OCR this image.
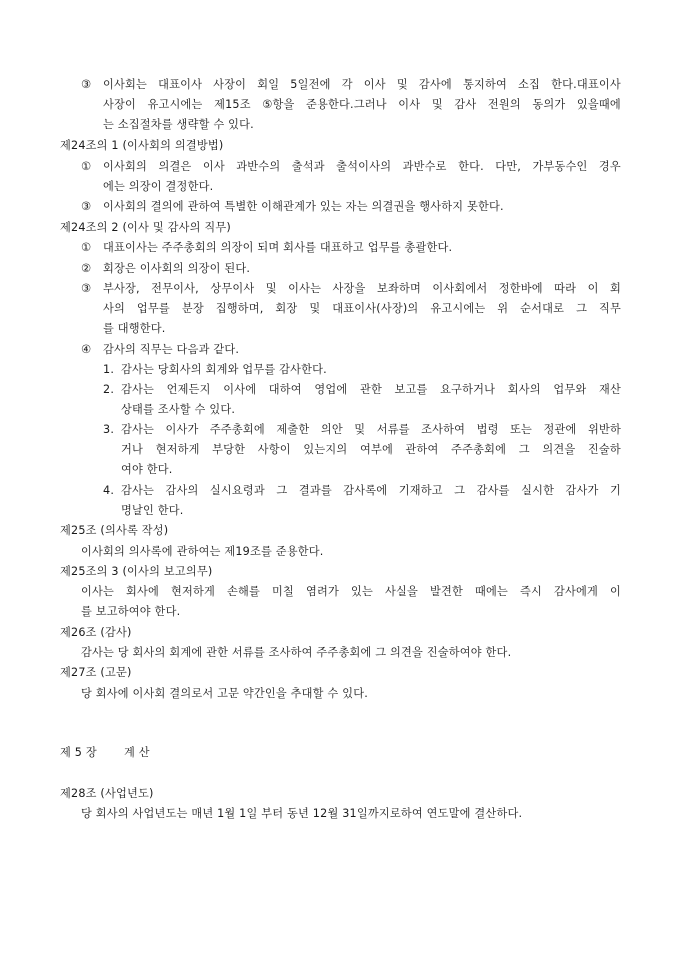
③ 이사회는 대표이사 사장이 회일 5일전에 각 이사 및 감사에 통지하여 소집 한다.대표이사
사장이 유고시에는 제15조 ⑤항을 준용한다.그러나 이사 및 감사 전원의 동의가 있을때에
는 소집절차를 생략할 수 있다.
제24조의 1 (이사회의 의결방법)
① 이사회의 의결은 이사 과반수의 출석과 출석이사의 과반수로 한다. 다만, 가부동수인 경우
에는 의장이 결정한다.
③ 이사회의 결의에 관하여 특별한 이해관계가 있는 자는 의결권을 행사하지 못한다.
제24조의 2 (이사 및 감사의 직무)
① 대표이사는 주주총회의 의장이 되며 회사를 대표하고 업무를 총괄한다.
② 회장은 이사회의 의장이 된다.
③ 부사장, 전무이사, 상무이사 및 이사는 사장을 보좌하며 이사회에서 정한바에 따라 이 회
사의 업무를 분장 집행하며, 회장 및 대표이사(사장)의 유고시에는 위 순서대로 그 직무
를 대행한다.
④ 감사의 직무는 다음과 같다.
1. 감사는 당회사의 회계와 업무를 감사한다.
2. 감사는 언제든지 이사에 대하여 영업에 관한 보고를 요구하거나 회사의 업무와 재산
상태를 조사할 수 있다.
3. 감사는 이사가 주주총회에 제출한 의안 및 서류를 조사하여 법령 또는 정관에 위반하
거나 현저하게 부당한 사항이 있는지의 여부에 관하여 주주총회에 그 의견을 진술하
여야 한다.
4. 감사는 감사의 실시요령과 그 결과를 감사록에 기재하고 그 감사를 실시한 감사가 기
명날인 한다.
제25조 (의사록 작성)
이사회의 의사록에 관하여는 제19조를 준용한다.
제25조의 3 (이사의 보고의무)
이사는 회사에 현저하게 손해를 미칠 염려가 있는 사실을 발견한 때에는 즉시 감사에게 이
를 보고하여야 한다.
제26조 (감사)
감사는 당 회사의 회계에 관한 서류를 조사하여 주주총회에 그 의견을 진술하여야 한다.
제27조 (고문)
당 회사에 이사회 결의로서 고문 약간인을 추대할 수 있다.
제 5 장 계 산
제28조 (사업년도)
당 회사의 사업년도는 매년 1월 1일 부터 동년 12월 31일까지로하여 연도말에 결산하다.
